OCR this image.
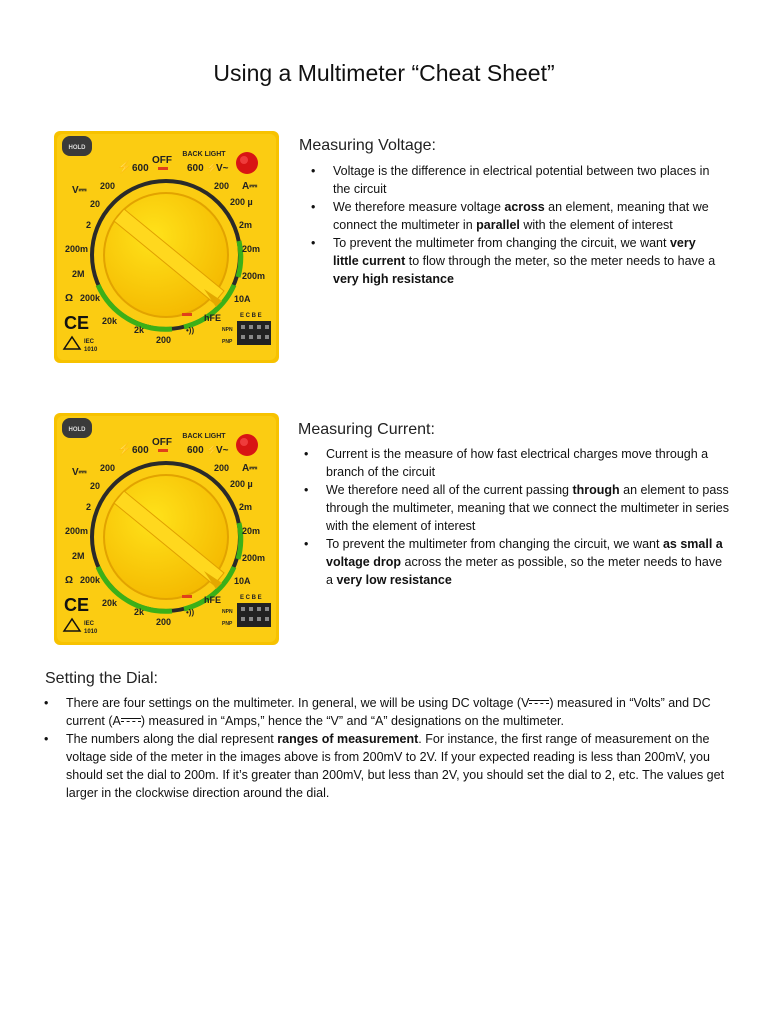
Using a Multimeter “Cheat Sheet”
Measuring Voltage:
• Voltage is the difference in electrical potential between two places in the circuit
• We therefore measure voltage across an element, meaning that we connect the multimeter in parallel with the element of interest
• To prevent the multimeter from changing the circuit, we want very little current to flow through the meter, so the meter needs to have a very high resistance
Measuring Current:
• Current is the measure of how fast electrical charges move through a branch of the circuit
• We therefore need all of the current passing through an element to pass through the multimeter, meaning that we connect the multimeter in series with the element of interest
• To prevent the multimeter from changing the circuit, we want as small a voltage drop across the meter as possible, so the meter needs to have a very low resistance
Setting the Dial:
• There are four settings on the multimeter. In general, we will be using DC voltage (V ) measured in “Volts” and DC current (A ) measured in “Amps,” hence the “V” and “A” designations on the multimeter.
• The numbers along the dial represent ranges of measurement. For instance, the first range of measurement on the voltage side of the meter in the images above is from 200mV to 2V. If your expected reading is less than 200mV, you should set the dial to 200m. If it’s greater than 200mV, but less than 2V, you should set the dial to 2, etc. The values get larger in the clockwise direction around the dial.
